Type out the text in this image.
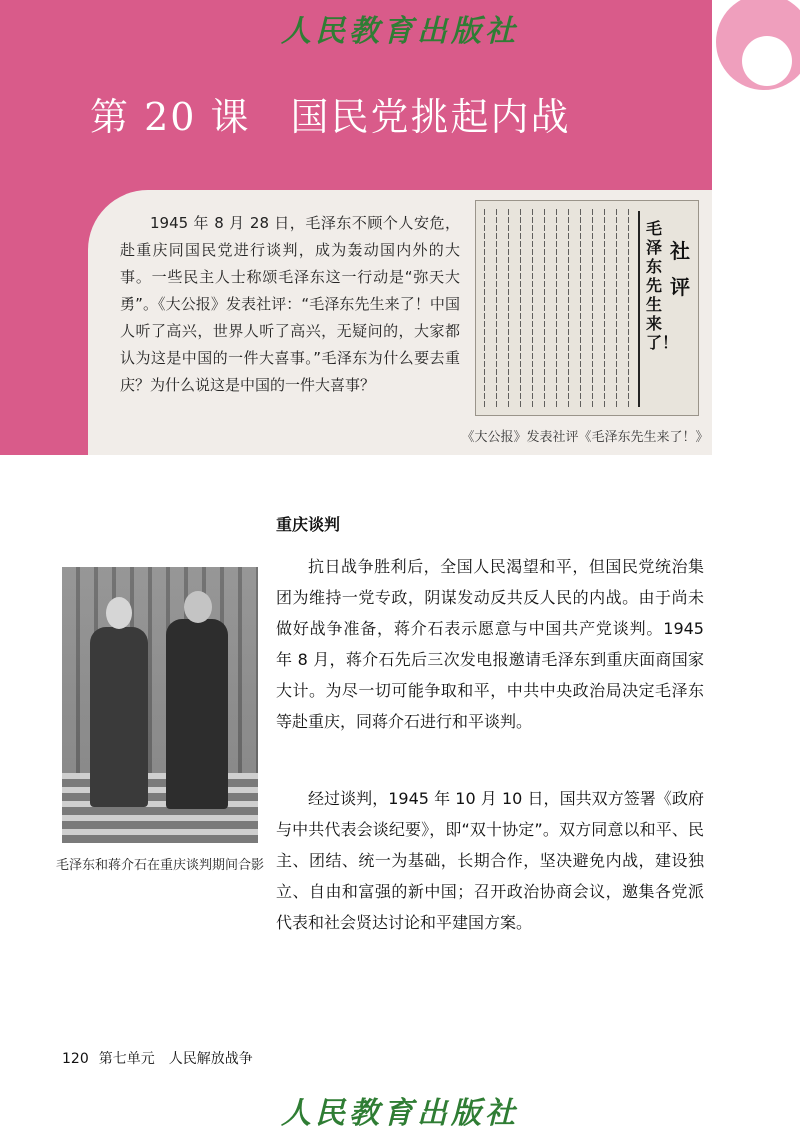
人民教育出版社
第 20 课 国民党挑起内战

1945 年 8 月 28 日，毛泽东不顾个人安危，赴重庆同国民党进行谈判，成为轰动国内外的大事。一些民主人士称颂毛泽东这一行动是“弥天大勇”。《大公报》发表社评：“毛泽东先生来了！中国人听了高兴，世界人听了高兴，无疑问的，大家都认为这是中国的一件大喜事。”毛泽东为什么要去重庆？为什么说这是中国的一件大喜事？

毛泽东先生来了！
社评
《大公报》发表社评《毛泽东先生来了！》
重庆谈判

毛泽东和蒋介石在重庆谈判期间合影

抗日战争胜利后，全国人民渴望和平，但国民党统治集团为维持一党专政，阴谋发动反共反人民的内战。由于尚未做好战争准备，蒋介石表示愿意与中国共产党谈判。1945 年 8 月，蒋介石先后三次发电报邀请毛泽东到重庆面商国家大计。为尽一切可能争取和平，中共中央政治局决定毛泽东等赴重庆，同蒋介石进行和平谈判。

经过谈判，1945 年 10 月 10 日，国共双方签署《政府与中共代表会谈纪要》，即“双十协定”。双方同意以和平、民主、团结、统一为基础，长期合作，坚决避免内战，建设独立、自由和富强的新中国；召开政治协商会议，邀集各党派代表和社会贤达讨论和平建国方案。

120 第七单元　人民解放战争
人民教育出版社
